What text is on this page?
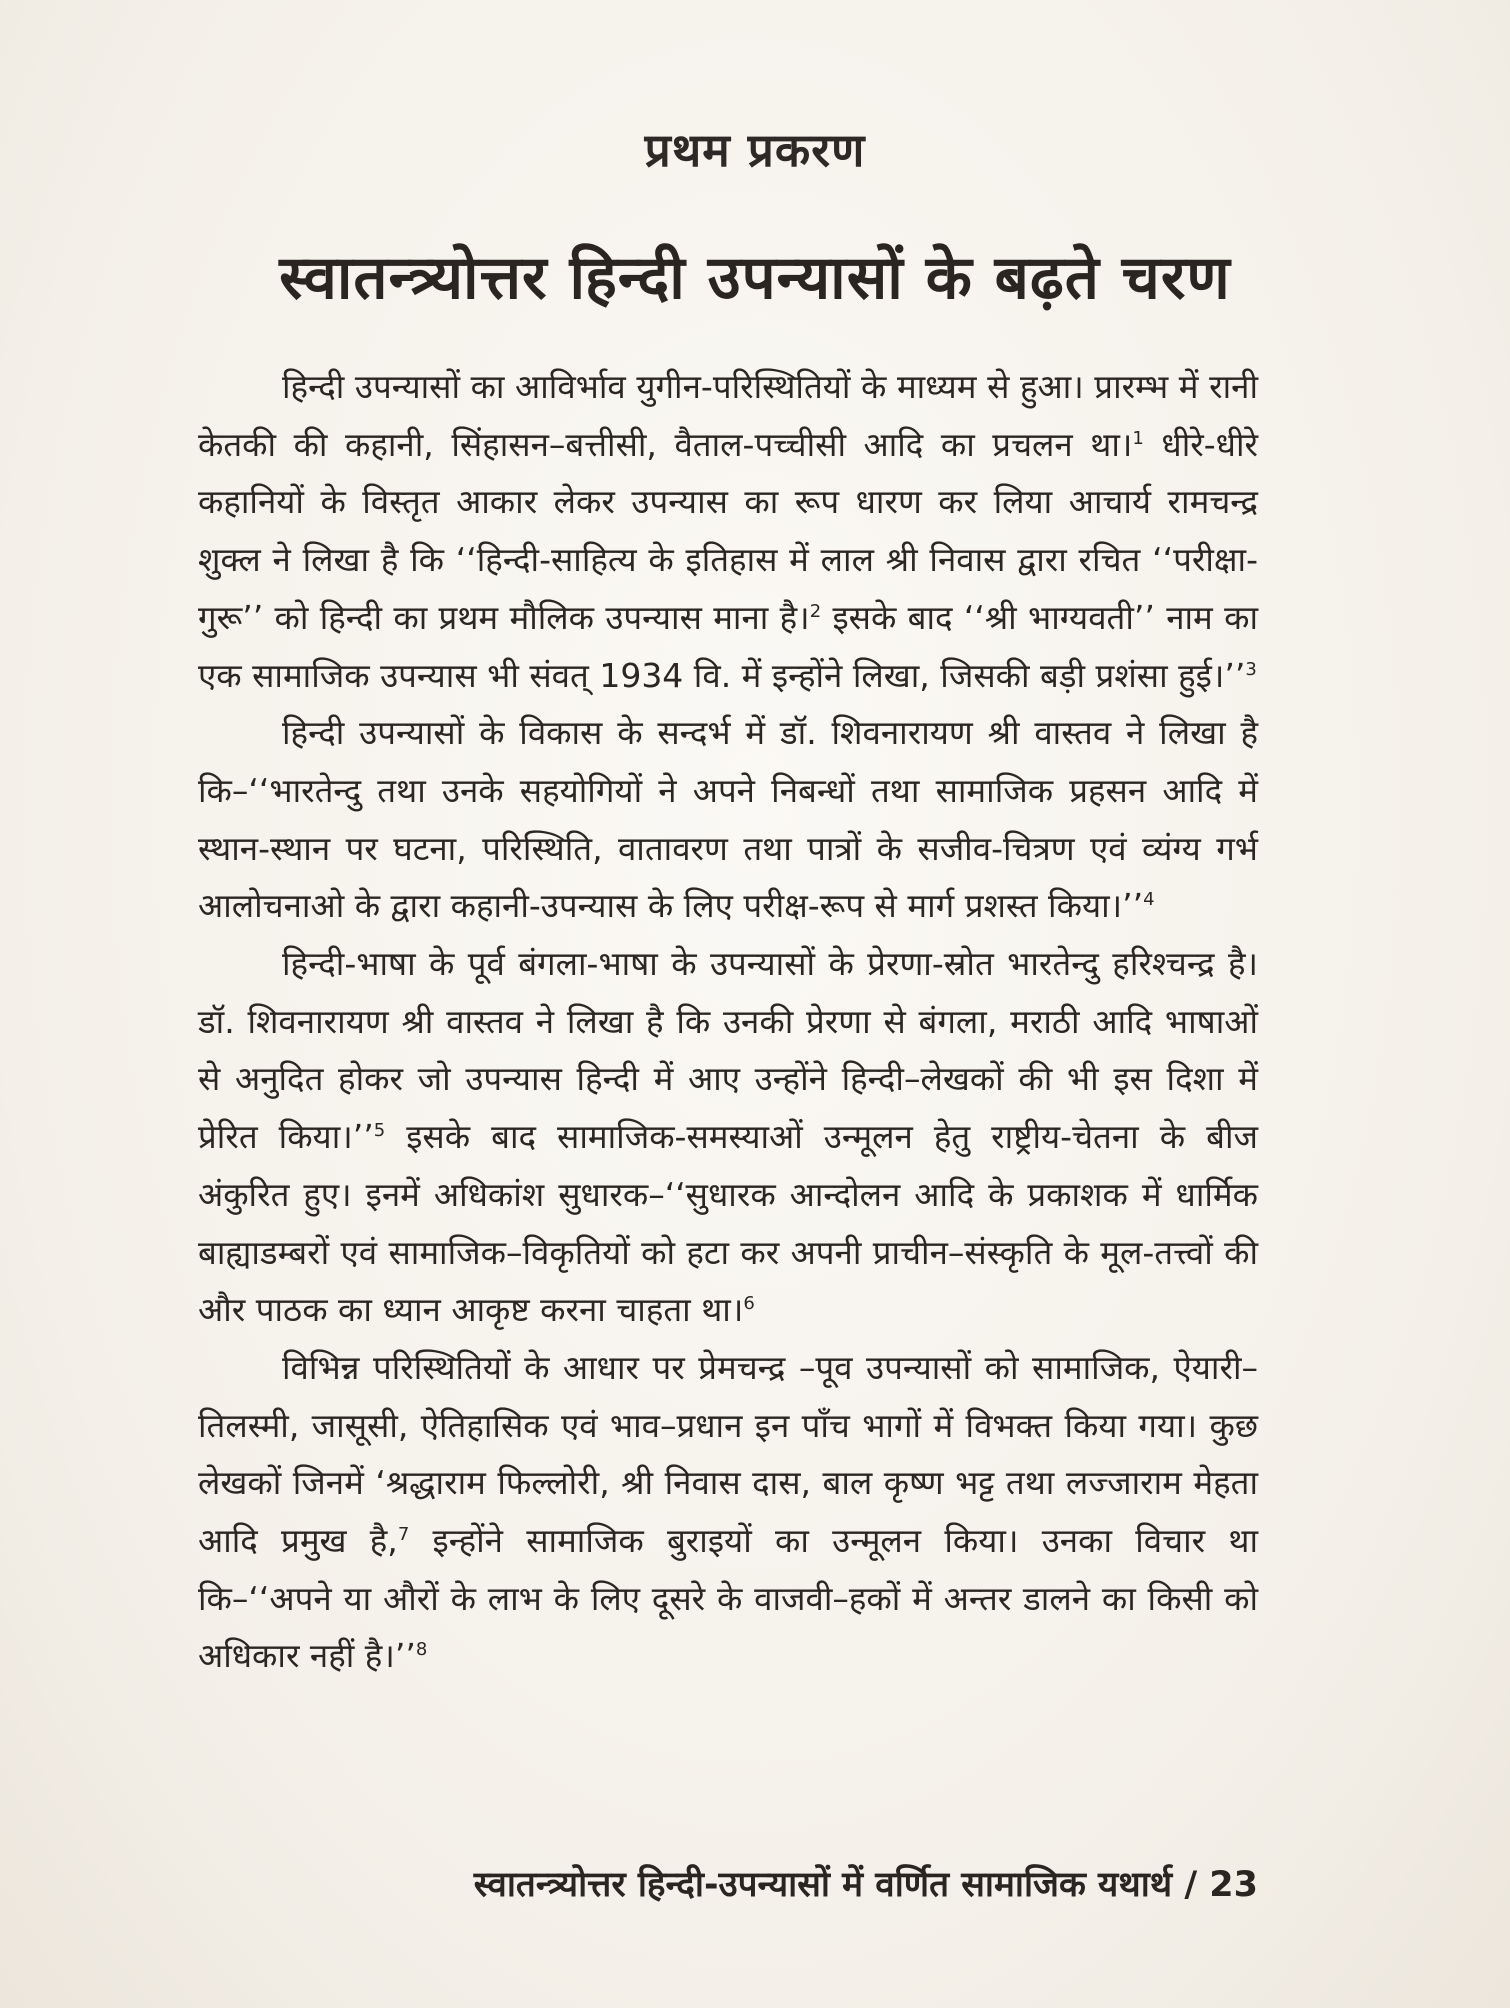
प्रथम प्रकरण
स्वातन्त्र्योत्तर हिन्दी उपन्यासों के बढ़ते चरण

हिन्दी उपन्यासों का आविर्भाव युगीन-परिस्थितियों के माध्यम से हुआ। प्रारम्भ में रानी केतकी की कहानी, सिंहासन–बत्तीसी, वैताल-पच्चीसी आदि का प्रचलन था।$^1$ धीरे-धीरे कहानियों के विस्तृत आकार लेकर उपन्यास का रूप धारण कर लिया आचार्य रामचन्द्र शुक्ल ने लिखा है कि ‘‘हिन्दी-साहित्य के इतिहास में लाल श्री निवास द्वारा रचित ‘‘परीक्षा-गुरू’’ को हिन्दी का प्रथम मौलिक उपन्यास माना है।$^2$ इसके बाद ‘‘श्री भाग्यवती’’ नाम का एक सामाजिक उपन्यास भी संवत् 1934 वि. में इन्होंने लिखा, जिसकी बड़ी प्रशंसा हुई।’’$^3$

हिन्दी उपन्यासों के विकास के सन्दर्भ में डॉ. शिवनारायण श्री वास्तव ने लिखा है कि–‘‘भारतेन्दु तथा उनके सहयोगियों ने अपने निबन्धों तथा सामाजिक प्रहसन आदि में स्थान-स्थान पर घटना, परिस्थिति, वातावरण तथा पात्रों के सजीव-चित्रण एवं व्यंग्य गर्भ आलोचनाओ के द्वारा कहानी-उपन्यास के लिए परीक्ष-रूप से मार्ग प्रशस्त किया।’’$^4$

हिन्दी-भाषा के पूर्व बंगला-भाषा के उपन्यासों के प्रेरणा-स्रोत भारतेन्दु हरिश्चन्द्र है। डॉ. शिवनारायण श्री वास्तव ने लिखा है कि उनकी प्रेरणा से बंगला, मराठी आदि भाषाओं से अनुदित होकर जो उपन्यास हिन्दी में आए उन्होंने हिन्दी–लेखकों की भी इस दिशा में प्रेरित किया।’’$^5$ इसके बाद सामाजिक-समस्याओं उन्मूलन हेतु राष्ट्रीय-चेतना के बीज अंकुरित हुए। इनमें अधिकांश सुधारक–‘‘सुधारक आन्दोलन आदि के प्रकाशक में धार्मिक बाह्याडम्बरों एवं सामाजिक–विकृतियों को हटा कर अपनी प्राचीन–संस्कृति के मूल-तत्त्वों की और पाठक का ध्यान आकृष्ट करना चाहता था।$^6$

विभिन्न परिस्थितियों के आधार पर प्रेमचन्द्र –पूव उपन्यासों को सामाजिक, ऐयारी–तिलस्मी, जासूसी, ऐतिहासिक एवं भाव–प्रधान इन पाँच भागों में विभक्त किया गया। कुछ लेखकों जिनमें ‘श्रद्धाराम फिल्लोरी, श्री निवास दास, बाल कृष्ण भट्ट तथा लज्जाराम मेहता आदि प्रमुख है,$^7$ इन्होंने सामाजिक बुराइयों का उन्मूलन किया। उनका विचार था कि–‘‘अपने या औरों के लाभ के लिए दूसरे के वाजवी–हकों में अन्तर डालने का किसी को अधिकार नहीं है।’’$^8$

स्वातन्त्र्योत्तर हिन्दी-उपन्यासों में वर्णित सामाजिक यथार्थ / 23
